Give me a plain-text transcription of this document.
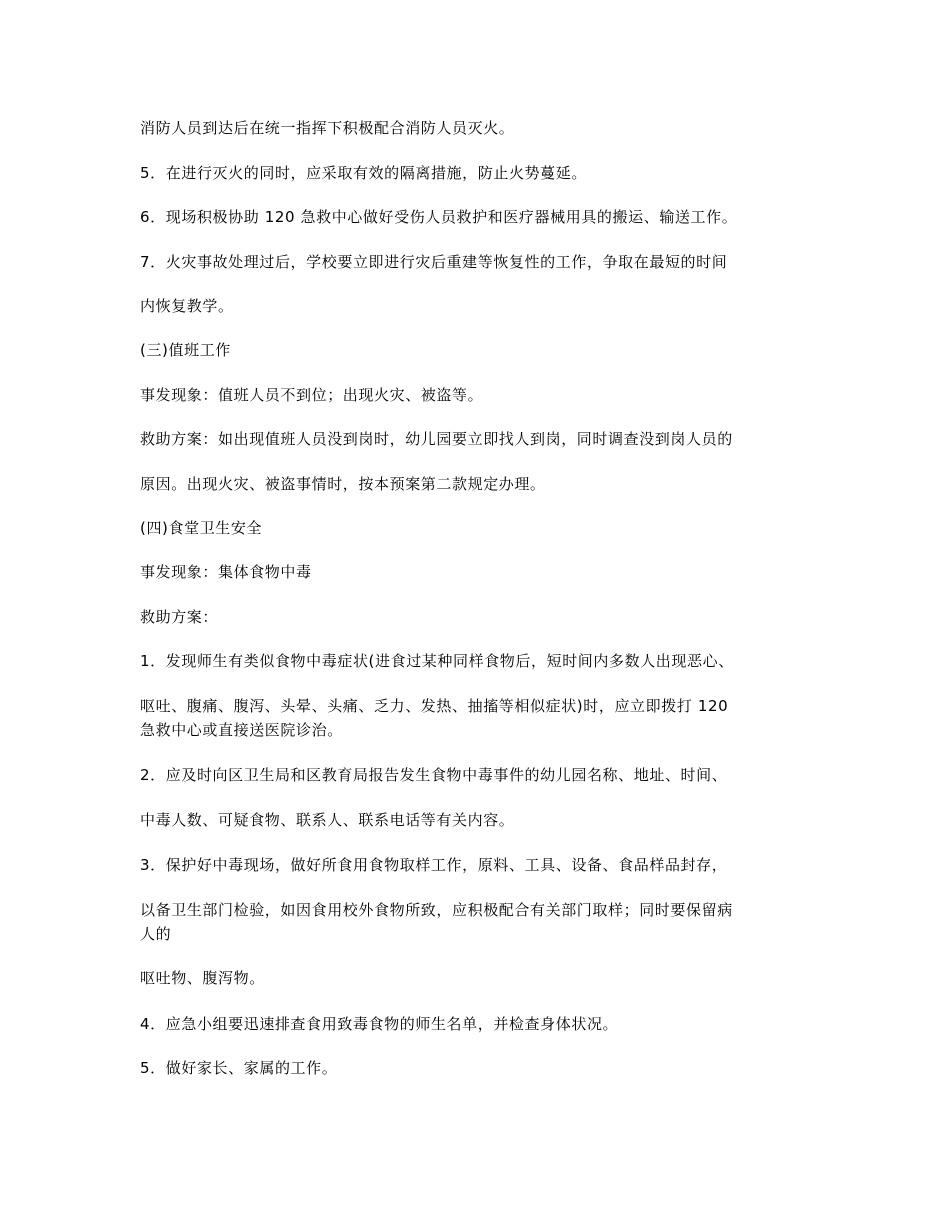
消防人员到达后在统一指挥下积极配合消防人员灭火。

5．在进行灭火的同时，应采取有效的隔离措施，防止火势蔓延。

6．现场积极协助 120 急救中心做好受伤人员救护和医疗器械用具的搬运、输送工作。

7．火灾事故处理过后，学校要立即进行灾后重建等恢复性的工作，争取在最短的时间

内恢复教学。

(三)值班工作

事发现象：值班人员不到位；出现火灾、被盗等。

救助方案：如出现值班人员没到岗时，幼儿园要立即找人到岗，同时调查没到岗人员的

原因。出现火灾、被盗事情时，按本预案第二款规定办理。

(四)食堂卫生安全

事发现象：集体食物中毒

救助方案：

1．发现师生有类似食物中毒症状(进食过某种同样食物后，短时间内多数人出现恶心、

呕吐、腹痛、腹泻、头晕、头痛、乏力、发热、抽搐等相似症状)时，应立即拨打 120

急救中心或直接送医院诊治。

2．应及时向区卫生局和区教育局报告发生食物中毒事件的幼儿园名称、地址、时间、

中毒人数、可疑食物、联系人、联系电话等有关内容。

3．保护好中毒现场，做好所食用食物取样工作，原料、工具、设备、食品样品封存，

以备卫生部门检验，如因食用校外食物所致，应积极配合有关部门取样；同时要保留病

人的

呕吐物、腹泻物。

4．应急小组要迅速排查食用致毒食物的师生名单，并检查身体状况。

5．做好家长、家属的工作。
